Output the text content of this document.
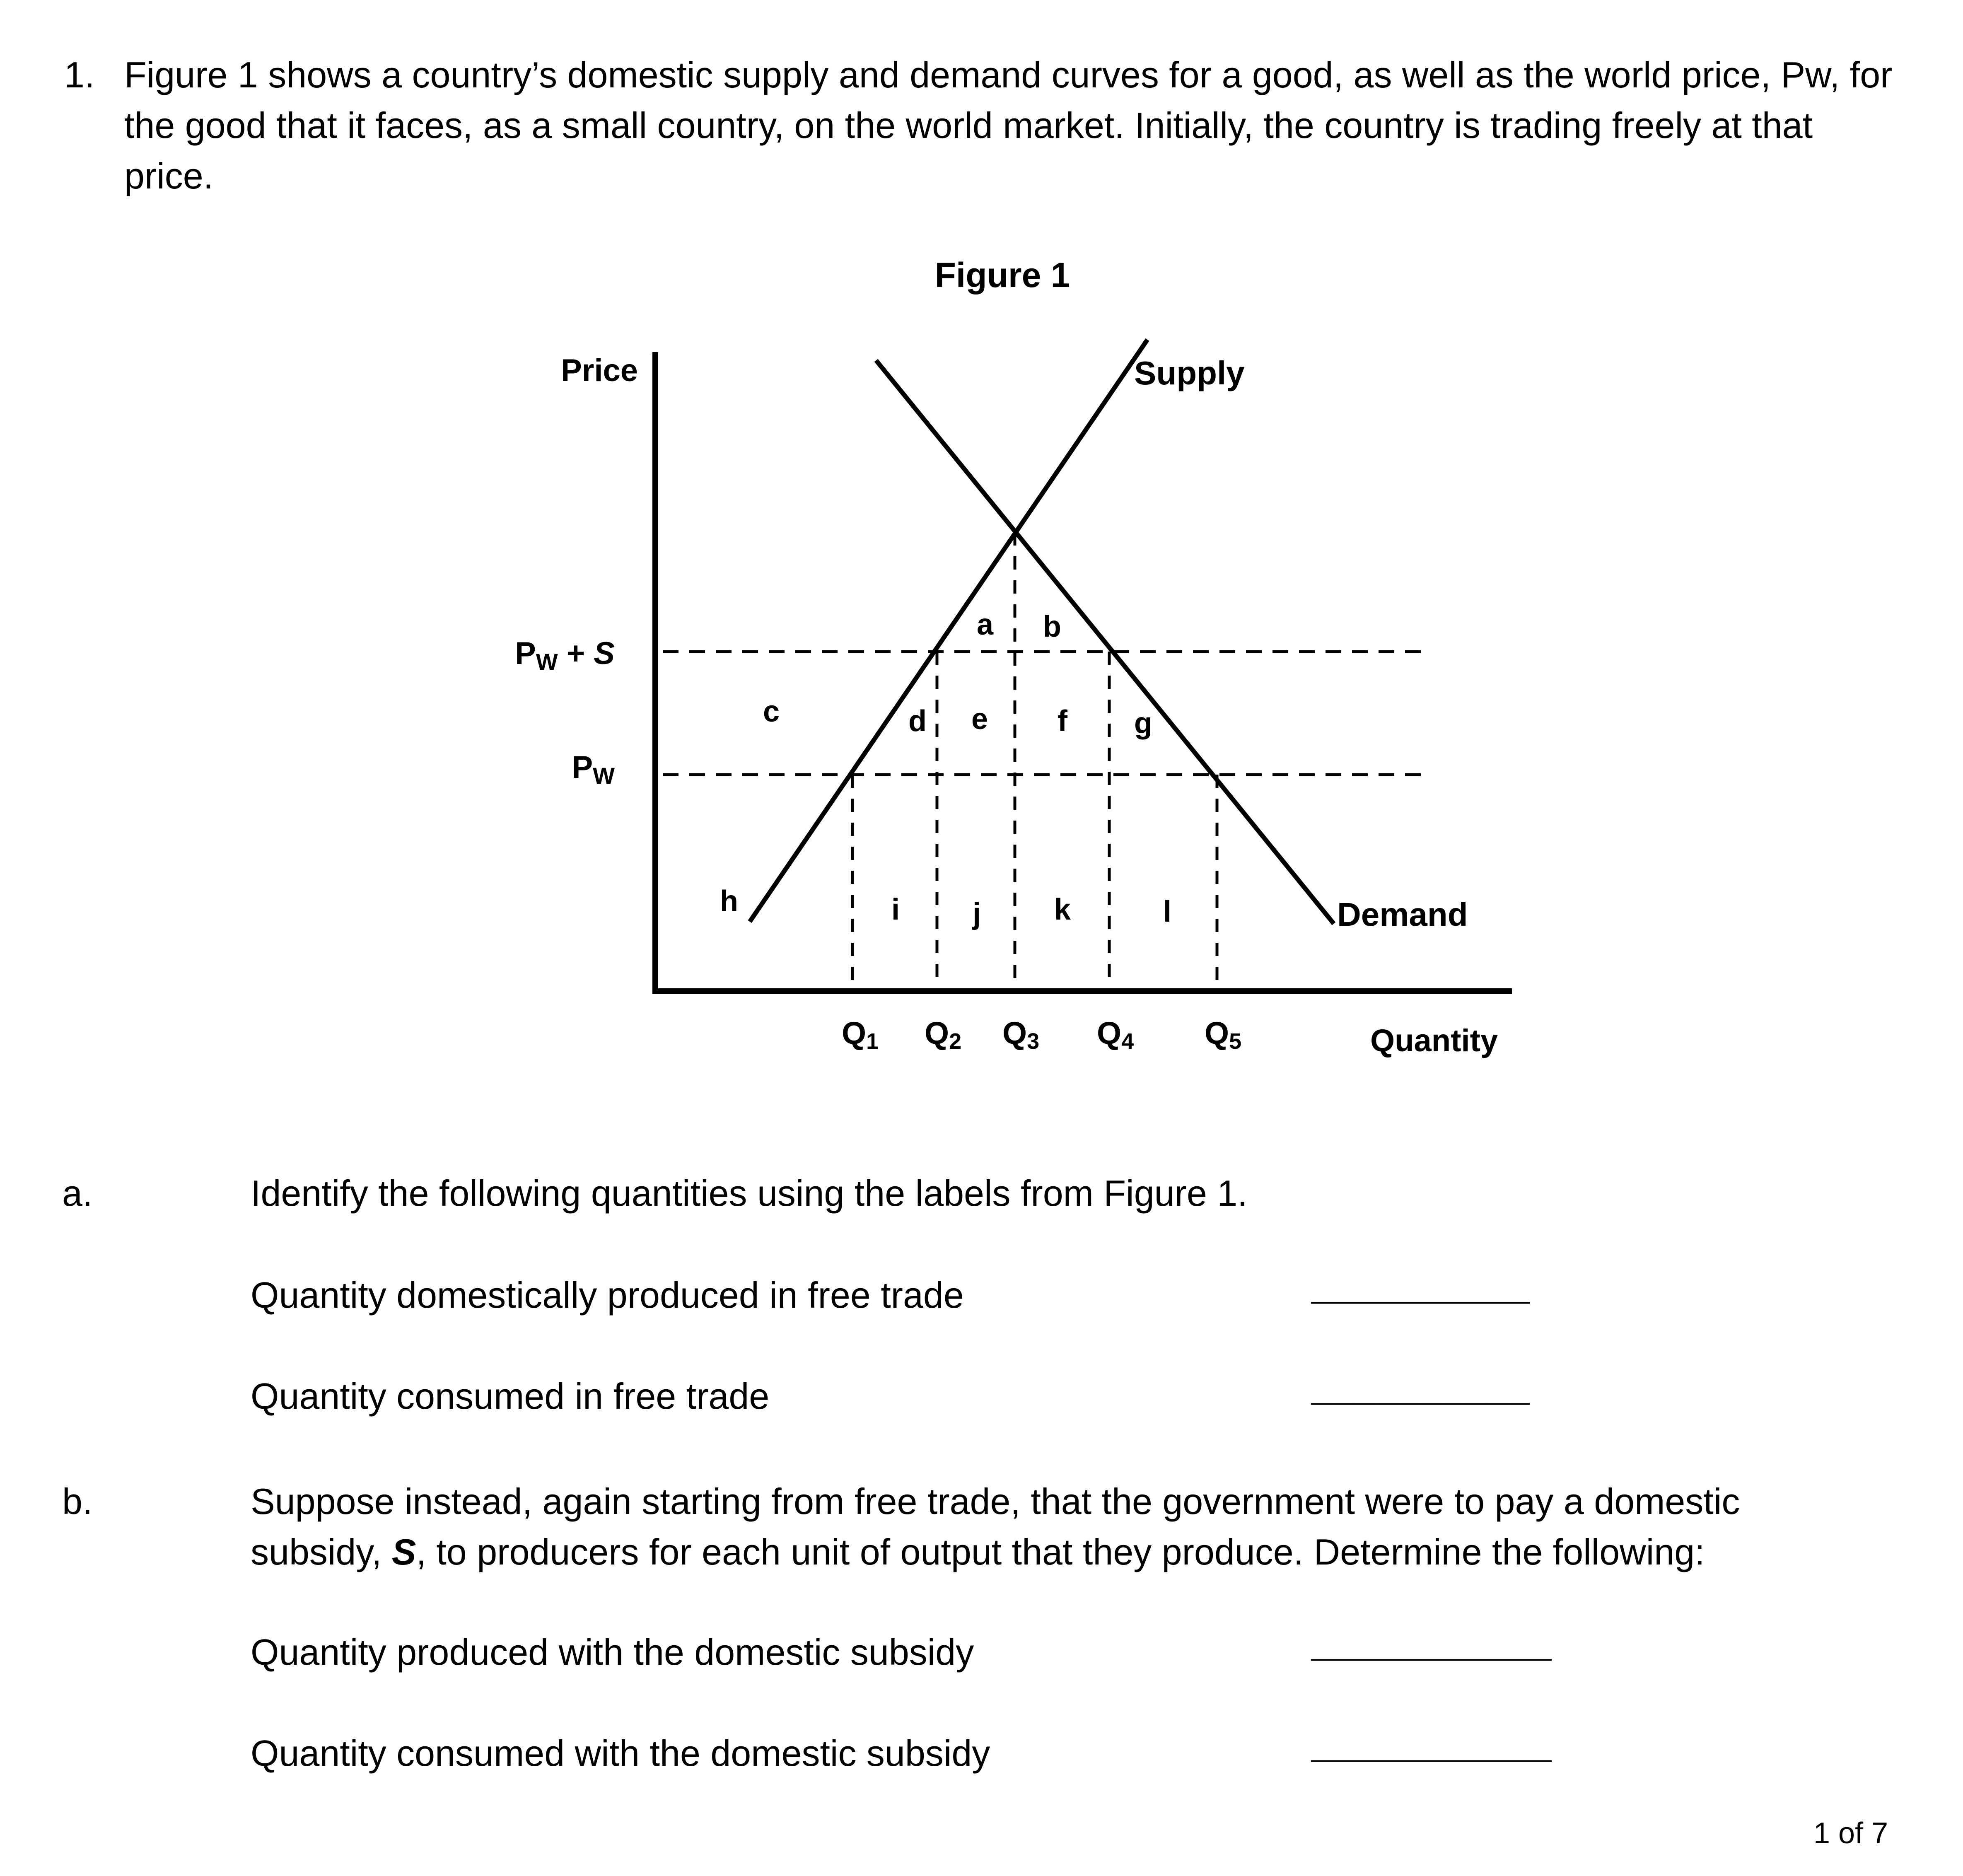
1. Figure 1 shows a country’s domestic supply and demand curves for a good, as well as the world price, Pw, for the good that it faces, as a small country, on the world market. Initially, the country is trading freely at that price.
Figure 1
Price
Quantity
Supply
Demand
PW + S
PW
Q1 Q2 Q3 Q4 Q5
a b
c	d e f g
h	i j k	l
a.	Identify the following quantities using the labels from Figure 1.
Quantity domestically produced in free trade	__________
Quantity consumed in free trade	__________
b.	Suppose instead, again starting from free trade, that the government were to pay a domestic subsidy, S, to producers for each unit of output that they produce. Determine the following:
Quantity produced with the domestic subsidy	___________
Quantity consumed with the domestic subsidy	___________
1 of 7
